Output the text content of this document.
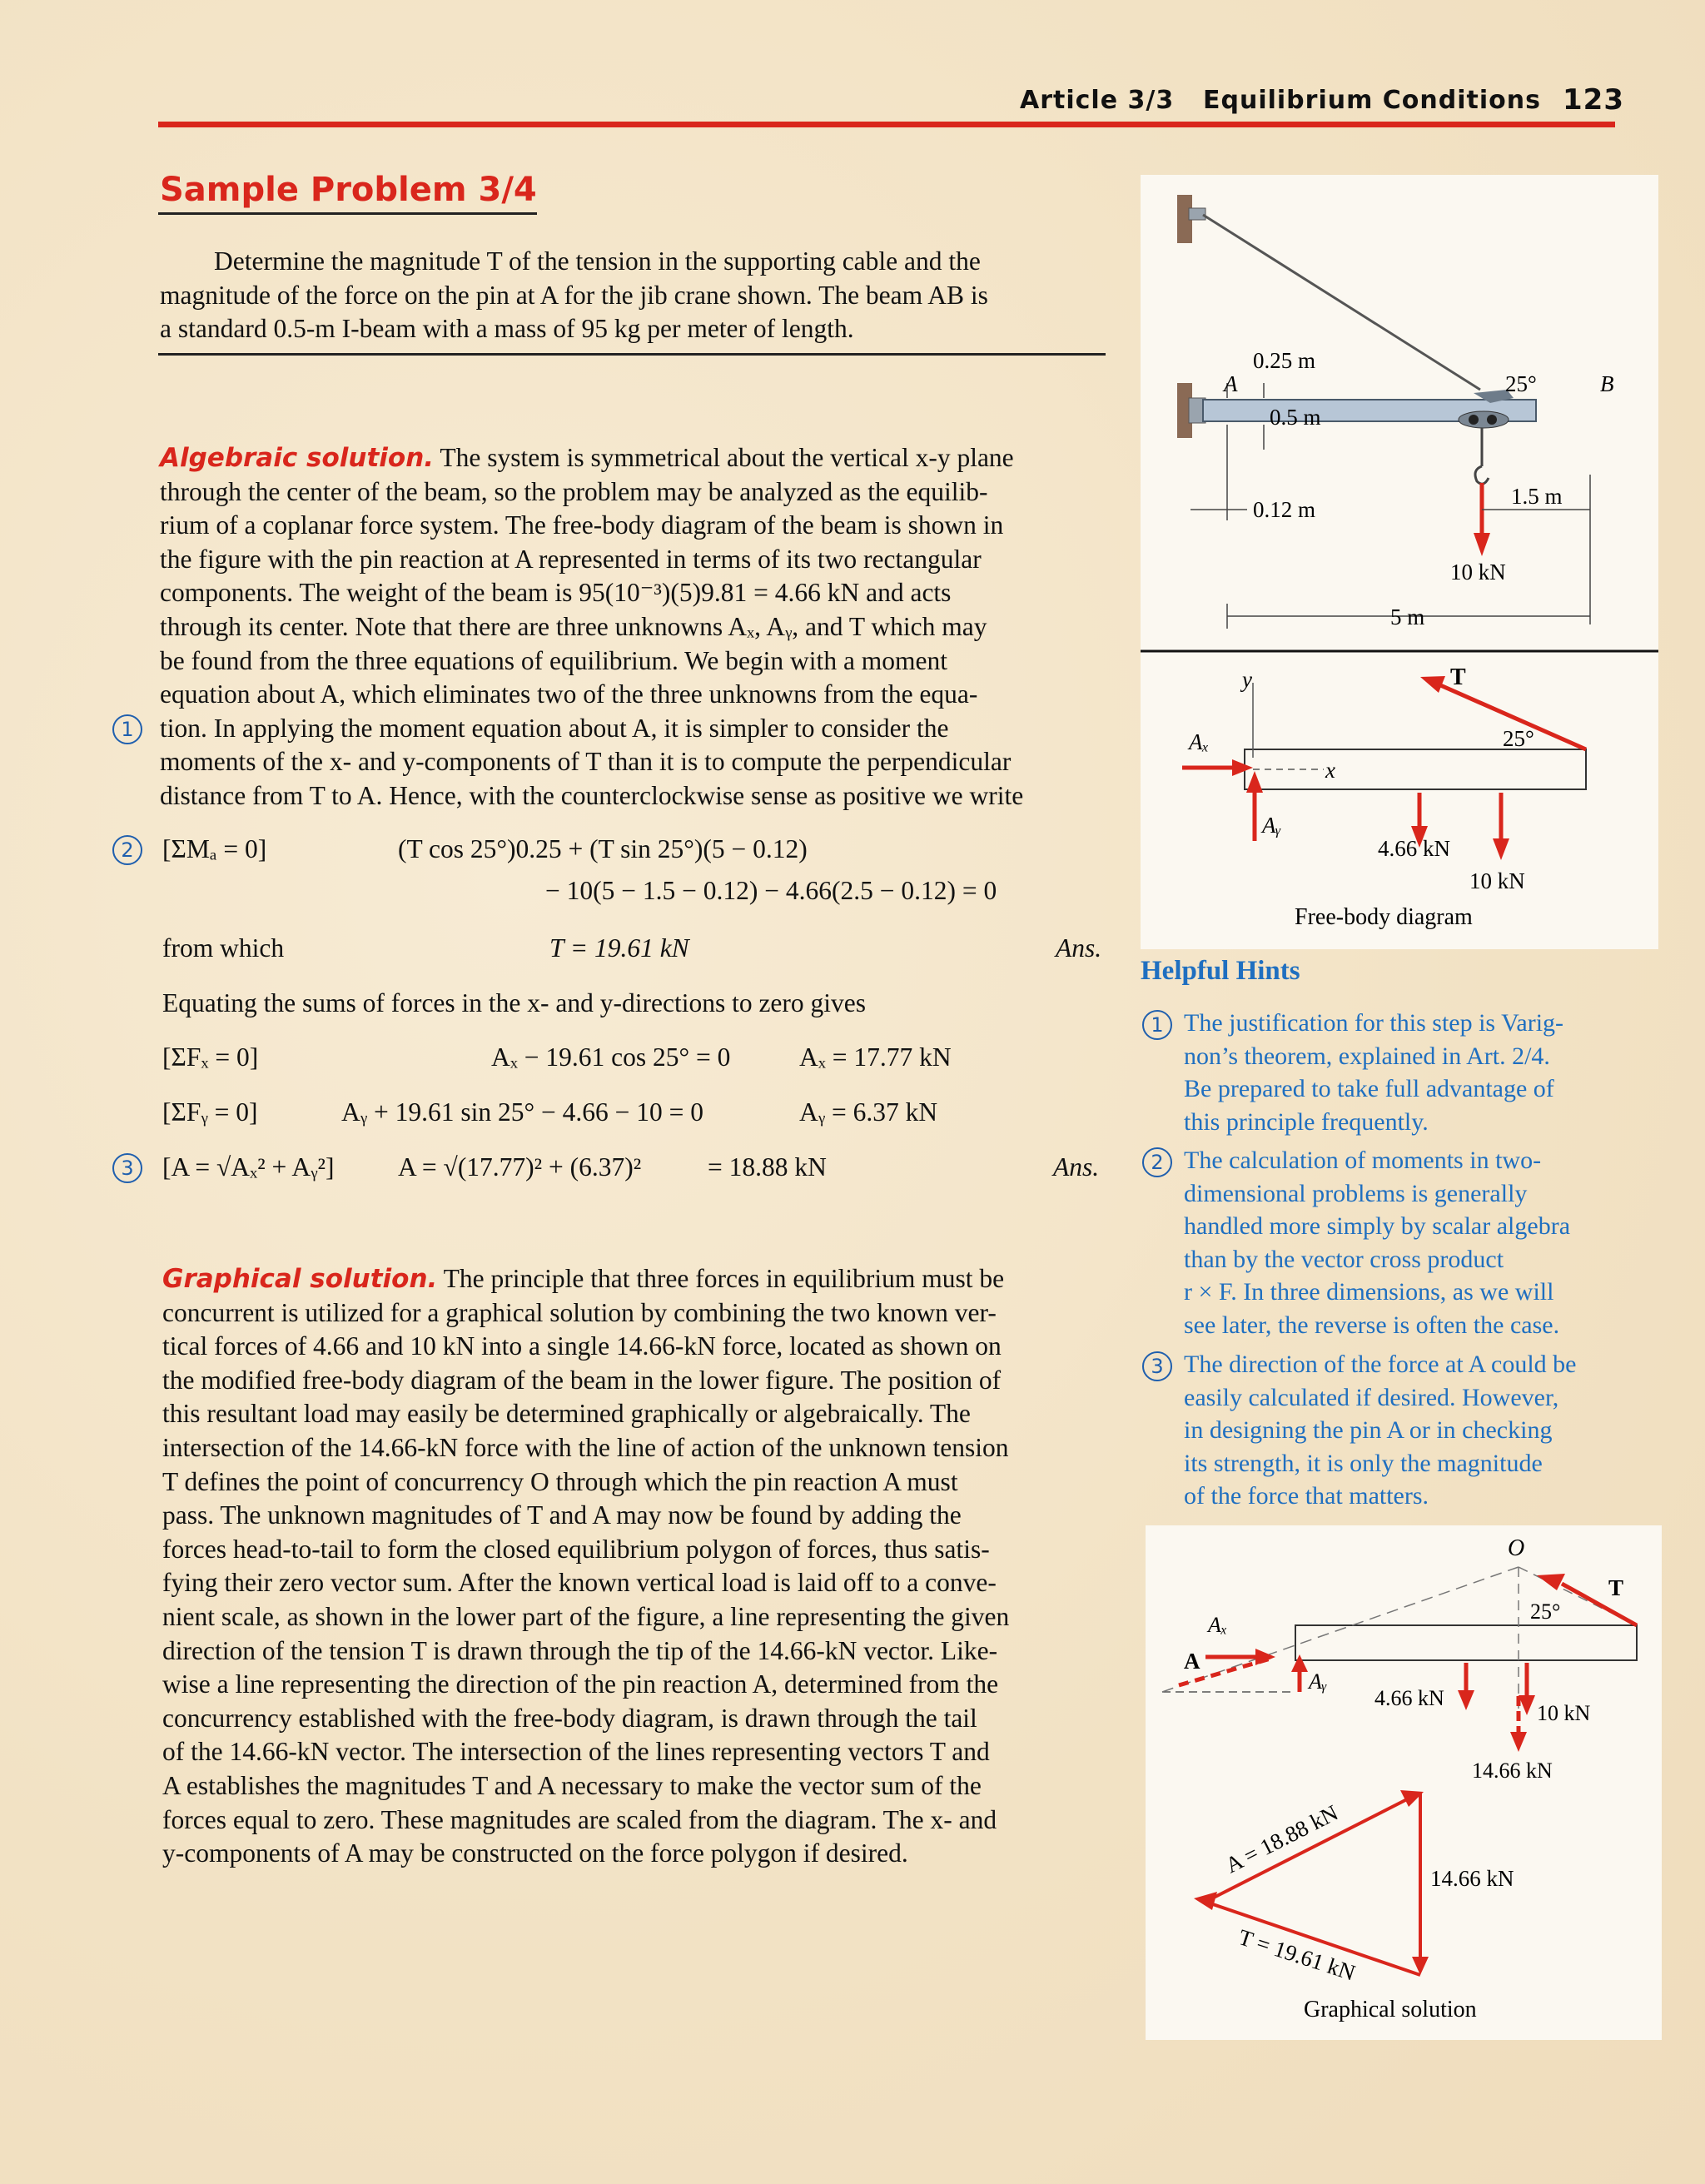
Article 3/3 Equilibrium Conditions 123
Sample Problem 3/4
Determine the magnitude T of the tension in the supporting cable and the
magnitude of the force on the pin at A for the jib crane shown. The beam AB is
a standard 0.5-m I-beam with a mass of 95 kg per meter of length.
Algebraic solution. The system is symmetrical about the vertical x-y plane
through the center of the beam, so the problem may be analyzed as the equilib-
rium of a coplanar force system. The free-body diagram of the beam is shown in
the figure with the pin reaction at A represented in terms of its two rectangular
components. The weight of the beam is 95(10⁻³)(5)9.81 = 4.66 kN and acts
through its center. Note that there are three unknowns Aₓ, Aᵧ, and T which may
be found from the three equations of equilibrium. We begin with a moment
equation about A, which eliminates two of the three unknowns from the equa-
tion. In applying the moment equation about A, it is simpler to consider the
moments of the x- and y-components of T than it is to compute the perpendicular
distance from T to A. Hence, with the counterclockwise sense as positive we write
1
2
3
[ΣMₐ = 0]	(T cos 25°)0.25 + (T sin 25°)(5 − 0.12)
− 10(5 − 1.5 − 0.12) − 4.66(2.5 − 0.12) = 0
from which	T = 19.61 kN	Ans.
Equating the sums of forces in the x- and y-directions to zero gives
[ΣFₓ = 0]	Aₓ − 19.61 cos 25° = 0	Aₓ = 17.77 kN
[ΣFᵧ = 0]	Aᵧ + 19.61 sin 25° − 4.66 − 10 = 0	Aᵧ = 6.37 kN
[A = √Aₓ² + Aᵧ²] A = √(17.77)² + (6.37)²	= 18.88 kN	Ans.
Graphical solution. The principle that three forces in equilibrium must be
concurrent is utilized for a graphical solution by combining the two known ver-
tical forces of 4.66 and 10 kN into a single 14.66-kN force, located as shown on
the modified free-body diagram of the beam in the lower figure. The position of
this resultant load may easily be determined graphically or algebraically. The
intersection of the 14.66-kN force with the line of action of the unknown tension
T defines the point of concurrency O through which the pin reaction A must
pass. The unknown magnitudes of T and A may now be found by adding the
forces head-to-tail to form the closed equilibrium polygon of forces, thus satis-
fying their zero vector sum. After the known vertical load is laid off to a conve-
nient scale, as shown in the lower part of the figure, a line representing the given
direction of the tension T is drawn through the tip of the 14.66-kN vector. Like-
wise a line representing the direction of the pin reaction A, determined from the
concurrency established with the free-body diagram, is drawn through the tail
of the 14.66-kN vector. The intersection of the lines representing vectors T and
A establishes the magnitudes T and A necessary to make the vector sum of the
forces equal to zero. These magnitudes are scaled from the diagram. The x- and
y-components of A may be constructed on the force polygon if desired.
0.25 m
0.5 m
0.12 m
1.5 m
5 m
10 kN
25°
A	B
y
x
Aₓ
Aᵧ
T
25°
4.66 kN
10 kN
Free-body diagram
Helpful Hints
1 The justification for this step is Varig-
non’s theorem, explained in Art. 2/4.
Be prepared to take full advantage of
this principle frequently.
2 The calculation of moments in two-
dimensional problems is generally
handled more simply by scalar algebra
than by the vector cross product
r × F. In three dimensions, as we will
see later, the reverse is often the case.
3 The direction of the force at A could be
easily calculated if desired. However,
in designing the pin A or in checking
its strength, it is only the magnitude
of the force that matters.
O
T
25°
Aₓ
A
Aᵧ
4.66 kN
10 kN
14.66 kN
A = 18.88 kN
14.66 kN
T = 19.61 kN
Graphical solution
